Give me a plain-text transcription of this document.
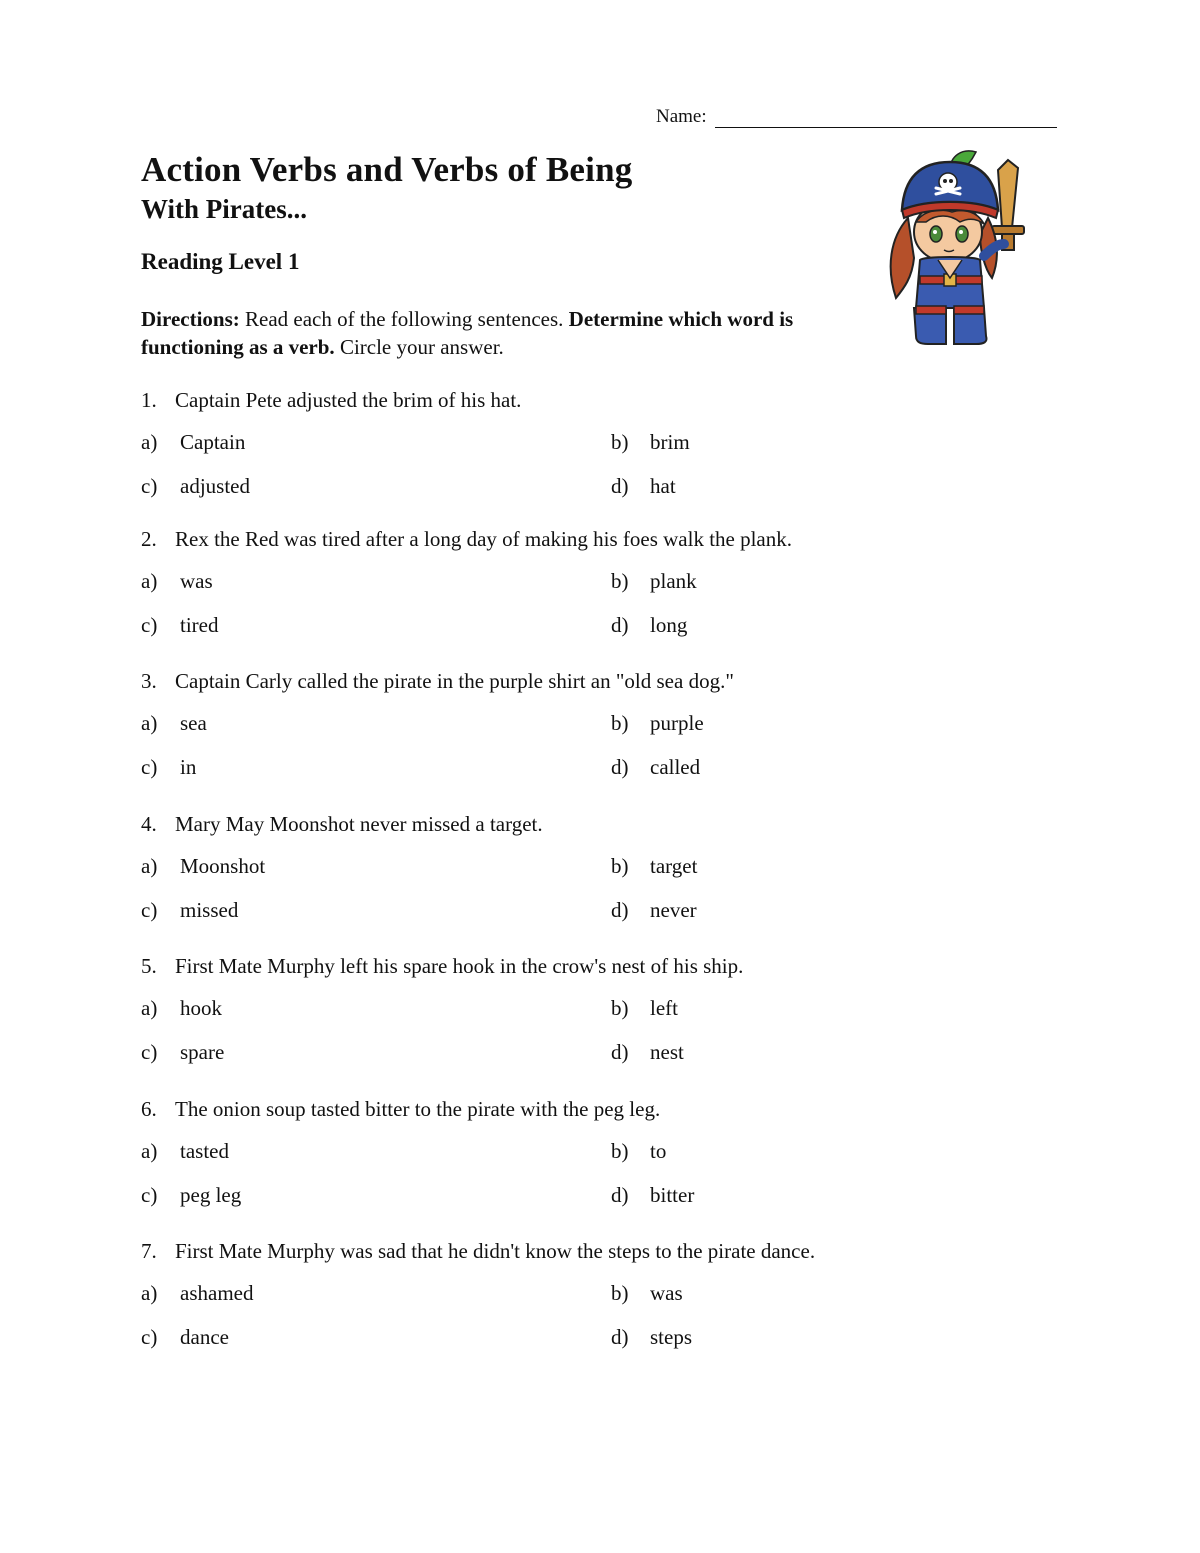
Name:
Action Verbs and Verbs of Being
With Pirates...
Reading Level 1
Directions: Read each of the following sentences. Determine which word is functioning as a verb. Circle your answer.
1. Captain Pete adjusted the brim of his hat.
a) Captain	b) brim
c) adjusted	d) hat
2. Rex the Red was tired after a long day of making his foes walk the plank.
a) was	b) plank
c) tired	d) long
3. Captain Carly called the pirate in the purple shirt an "old sea dog."
a) sea	b) purple
c) in	d) called
4. Mary May Moonshot never missed a target.
a) Moonshot	b) target
c) missed	d) never
5. First Mate Murphy left his spare hook in the crow's nest of his ship.
a) hook	b) left
c) spare	d) nest
6. The onion soup tasted bitter to the pirate with the peg leg.
a) tasted	b) to
c) peg leg	d) bitter
7. First Mate Murphy was sad that he didn't know the steps to the pirate dance.
a) ashamed	b) was
c) dance	d) steps
